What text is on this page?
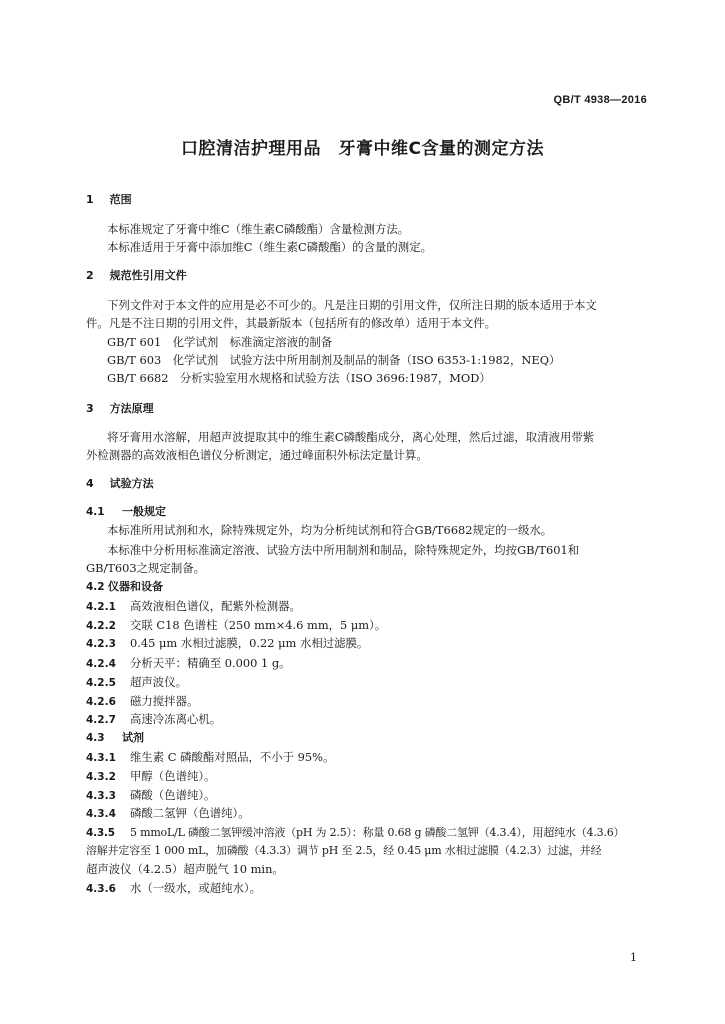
QB/T 4938—2016
口腔清洁护理用品　牙膏中维C含量的测定方法
1 范围
本标准规定了牙膏中维C（维生素C磷酸酯）含量检测方法。
本标准适用于牙膏中添加维C（维生素C磷酸酯）的含量的测定。
2 规范性引用文件
下列文件对于本文件的应用是必不可少的。凡是注日期的引用文件，仅所注日期的版本适用于本文
件。凡是不注日期的引用文件，其最新版本（包括所有的修改单）适用于本文件。
GB/T 601　化学试剂　标准滴定溶液的制备
GB/T 603　化学试剂　试验方法中所用制剂及制品的制备（ISO 6353-1:1982，NEQ）
GB/T 6682　分析实验室用水规格和试验方法（ISO 3696:1987，MOD）
3 方法原理
将牙膏用水溶解，用超声波提取其中的维生素C磷酸酯成分，离心处理，然后过滤，取清液用带紫
外检测器的高效液相色谱仪分析测定，通过峰面积外标法定量计算。
4 试验方法
4.1 一般规定
本标准所用试剂和水，除特殊规定外，均为分析纯试剂和符合GB/T6682规定的一级水。
本标准中分析用标准滴定溶液、试验方法中所用制剂和制品，除特殊规定外，均按GB/T601和
GB/T603之规定制备。
4.2 仪器和设备
4.2.1 高效液相色谱仪，配紫外检测器。
4.2.2 交联 C18 色谱柱（250 mm×4.6 mm，5 μm）。
4.2.3 0.45 μm 水相过滤膜，0.22 μm 水相过滤膜。
4.2.4 分析天平：精确至 0.000 1 g。
4.2.5 超声波仪。
4.2.6 磁力搅拌器。
4.2.7 高速冷冻离心机。
4.3 试剂
4.3.1 维生素 C 磷酸酯对照品，不小于 95%。
4.3.2 甲醇（色谱纯）。
4.3.3 磷酸（色谱纯）。
4.3.4 磷酸二氢钾（色谱纯）。
4.3.5 5 mmoL/L 磷酸二氢钾缓冲溶液（pH 为 2.5）：称量 0.68 g 磷酸二氢钾（4.3.4），用超纯水（4.3.6）
溶解并定容至 1 000 mL，加磷酸（4.3.3）调节 pH 至 2.5，经 0.45 μm 水相过滤膜（4.2.3）过滤，并经
超声波仪（4.2.5）超声脱气 10 min。
4.3.6 水（一级水，或超纯水）。
1
